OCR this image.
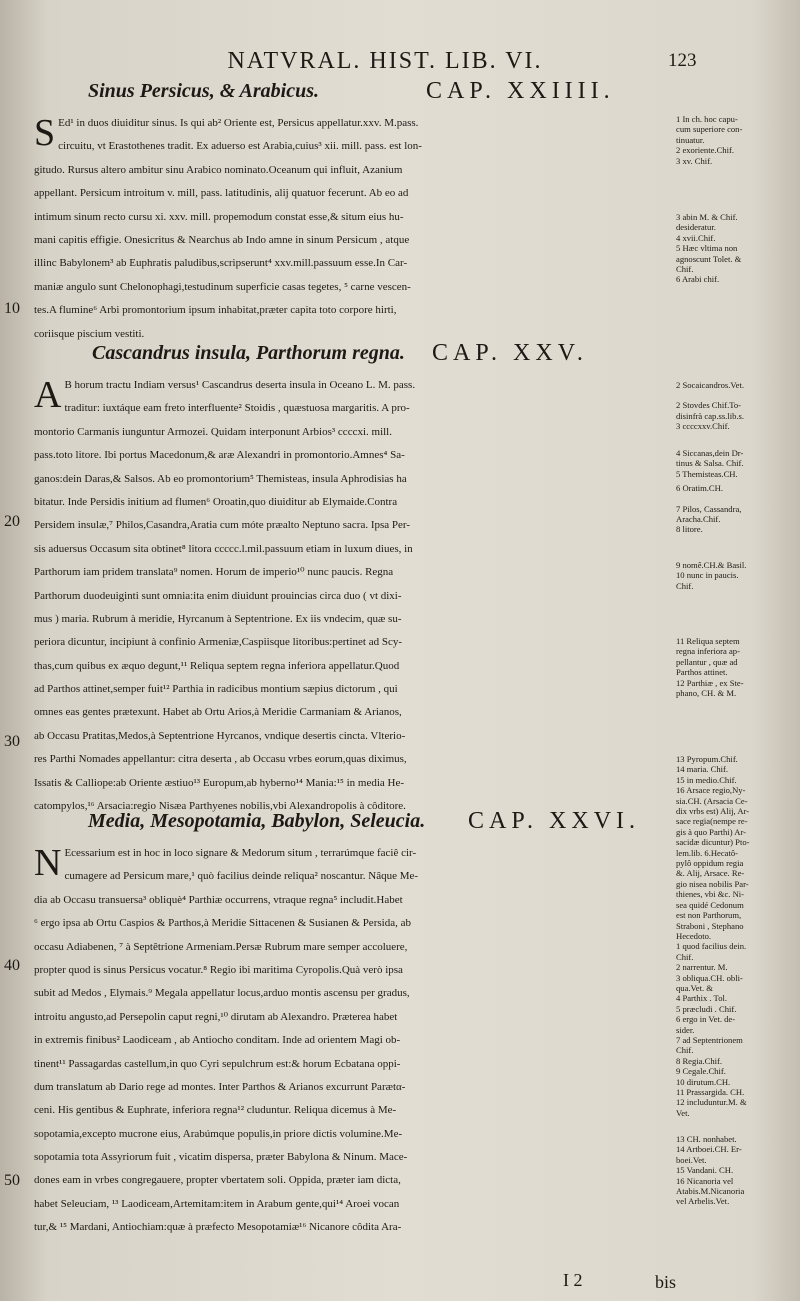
NATVRAL. HIST. LIB. VI.	123
Sinus Persicus, & Arabicus.	CAP. XXIIII.
SEd¹ in duos diuiditur sinus. Is qui ab² Oriente est, Persicus appellatur.xxv. M.pass.
circuitu, vt Erastothenes tradit. Ex aduerso est Arabia,cuius³ xii. mill. pass. est lon-
gitudo. Rursus altero ambitur sinu Arabico nominato.Oceanum qui influit, Azanium
appellant. Persicum introitum v. mill, pass. latitudinis, alij quatuor fecerunt. Ab eo ad
intimum sinum recto cursu xi. xxv. mill. propemodum constat esse,& situm eius hu-
mani capitis effigie. Onesicritus & Nearchus ab Indo amne in sinum Persicum , atque
illinc Babylonem³ ab Euphratis paludibus,scripserunt⁴ xxv.mill.passuum esse.In Car-
maniæ angulo sunt Chelonophagi,testudinum superficie casas tegetes, ⁵ carne vescen-
tes.A flumine⁶ Arbi promontorium ipsum inhabitat,præter capita toto corpore hirti,
coriisque piscium vestiti.
Cascandrus insula, Parthorum regna. CAP. XXV.
AB horum tractu Indiam versus¹ Cascandrus deserta insula in Oceano L. M. pass.
traditur: iuxtáque eam freto interfluente² Stoidis , quæstuosa margaritis. A pro-
montorio Carmanis iunguntur Armozei. Quidam interponunt Arbios³ ccccxi. mill.
pass.toto litore. Ibi portus Macedonum,& aræ Alexandri in promontorio.Amnes⁴ Sa-
ganos:dein Daras,& Salsos. Ab eo promontorium⁵ Themisteas, insula Aphrodisias ha
bitatur. Inde Persidis initium ad flumen⁶ Oroatin,quo diuiditur ab Elymaide.Contra
Persidem insulæ,⁷ Philos,Casandra,Aratia cum móte præalto Neptuno sacra. Ipsa Per-
sis aduersus Occasum sita obtinet⁸ litora ccccc.l.mil.passuum etiam in luxum diues, in
Parthorum iam pridem translata⁹ nomen. Horum de imperio¹⁰ nunc paucis. Regna
Parthorum duodeuiginti sunt omnia:ita enim diuidunt prouincias circa duo ( vt dixi-
mus ) maria. Rubrum à meridie, Hyrcanum à Septentrione. Ex iis vndecim, quæ su-
periora dicuntur, incipiunt à confinio Armeniæ,Caspiisque litoribus:pertinet ad Scy-
thas,cum quibus ex æquo degunt,¹¹ Reliqua septem regna inferiora appellatur.Quod
ad Parthos attinet,semper fuit¹² Parthia in radicibus montium sæpius dictorum , qui
omnes eas gentes prætexunt. Habet ab Ortu Arios,à Meridie Carmaniam & Arianos,
ab Occasu Pratitas,Medos,à Septentrione Hyrcanos, vndique desertis cincta. Vlterio-
res Parthi Nomades appellantur: citra deserta , ab Occasu vrbes eorum,quas diximus,
Issatis & Calliope:ab Oriente æstiuo¹³ Europum,ab hyberno¹⁴ Mania:¹⁵ in media He-
catompylos,¹⁶ Arsacia:regio Nisæa Parthyenes nobilis,vbi Alexandropolis à côditore.
Media, Mesopotamia, Babylon, Seleucia. CAP. XXVI.
NEcessarium est in hoc in loco signare & Medorum situm , terrarúmque faciê cir-
cumagere ad Persicum mare,¹ quò facilius deinde reliqua² noscantur. Nâque Me-
dia ab Occasu transuersa³ obliquè⁴ Parthiæ occurrens, vtraque regna⁵ includit.Habet
⁶ ergo ipsa ab Ortu Caspios & Parthos,à Meridie Sittacenen & Susianen & Persida, ab
occasu Adiabenen, ⁷ à Septêtrione Armeniam.Persæ Rubrum mare semper accoluere,
propter quod is sinus Persicus vocatur.⁸ Regio ibi maritima Cyropolis.Quà verò ipsa
subit ad Medos , Elymais.⁹ Megala appellatur locus,arduo montis ascensu per gradus,
introitu angusto,ad Persepolin caput regni,¹⁰ dirutam ab Alexandro. Præterea habet
in extremis finibus² Laodiceam , ab Antiocho conditam. Inde ad orientem Magi ob-
tinent¹¹ Passagardas castellum,in quo Cyri sepulchrum est:& horum Ecbatana oppi-
dum translatum ab Dario rege ad montes. Inter Parthos & Arianos excurrunt Parætα-
ceni. His gentibus & Euphrate, inferiora regna¹² cluduntur. Reliqua dicemus à Me-
sopotamia,excepto mucrone eius, Arabúmque populis,in priore dictis volumine.Me-
sopotamia tota Assyriorum fuit , vicatim dispersa, præter Babylona & Ninum. Mace-
dones eam in vrbes congregauere, propter vbertatem soli. Oppida, præter iam dicta,
habet Seleuciam, ¹³ Laodiceam,Artemitam:item in Arabum gente,qui¹⁴ Aroei vocan
tur,& ¹⁵ Mardani, Antiochiam:quæ à præfecto Mesopotamiæ¹⁶ Nicanore côdita Ara-
10
20
30
40
50
1 In ch. hoc capu-
cum superiore con-
tinuatur.
2 exoriente.Chif.
3 xv. Chif.
3 abin M. & Chif.
desideratur.
4 xvii.Chif.
5 Hæc vltima non
agnoscunt Tolet. &
Chif.
6 Arabi chif.
2 Socaicandros.Vet.
2 Stovdes Chif.To-
disinfrà cap.ss.lib.s.
3 ccccxxv.Chif.
4 Siccanas,dein Dr-
tinus & Salsa. Chif.
5 Themisteas.CH.
6 Oratim.CH.
7 Pilos, Cassandra,
Aracha.Chif.
8 litore.
9 nomê.CH.& Basil.
10 nunc in paucis.
Chif.
11 Reliqua septem
regna inferiora ap-
pellantur , quæ ad
Parthos attinet.
12 Parthiæ , ex Ste-
phano, CH. & M.
13 Pyropum.Chif.
14 maria. Chif.
15 in medio.Chif.
16 Arsace regio,Ny-
sia.CH. (Arsacia Ce-
dix vrbs est) Alij, Ar-
sace regia(nempe re-
gis à quo Parthi) Ar-
sacidæ dicuntur) Pto-
lem.lib. 6.Hecatô-
pylô oppidum regia
&. Alij, Arsace. Re-
gio nisea nobilis Par-
thienes, vbi &c. Ni-
sea quidé Cedonum
est non Parthorum,
Straboni , Stephano
Hecedoto.
1 quod facilius dein.
Chif.
2 narrentur. M.
3 obliqua.CH. obli-
qua.Vet. &
4 Parthix . Tol.
5 præcludi . Chif.
6 ergo in Vet. de-
sider.
7 ad Septentrionem
Chif.
8 Regia.Chif.
9 Cegale.Chif.
10 dirutum.CH.
11 Prassargida. CH.
12 includuntur.M. &
Vet.
13 CH. nonhabet.
14 Artboei.CH. Er-
boei.Vet.
15 Vandani. CH.
16 Nicanoria vel
Atabis.M.Nicanoria
vel Arbelis.Vet.
I 2	bis
